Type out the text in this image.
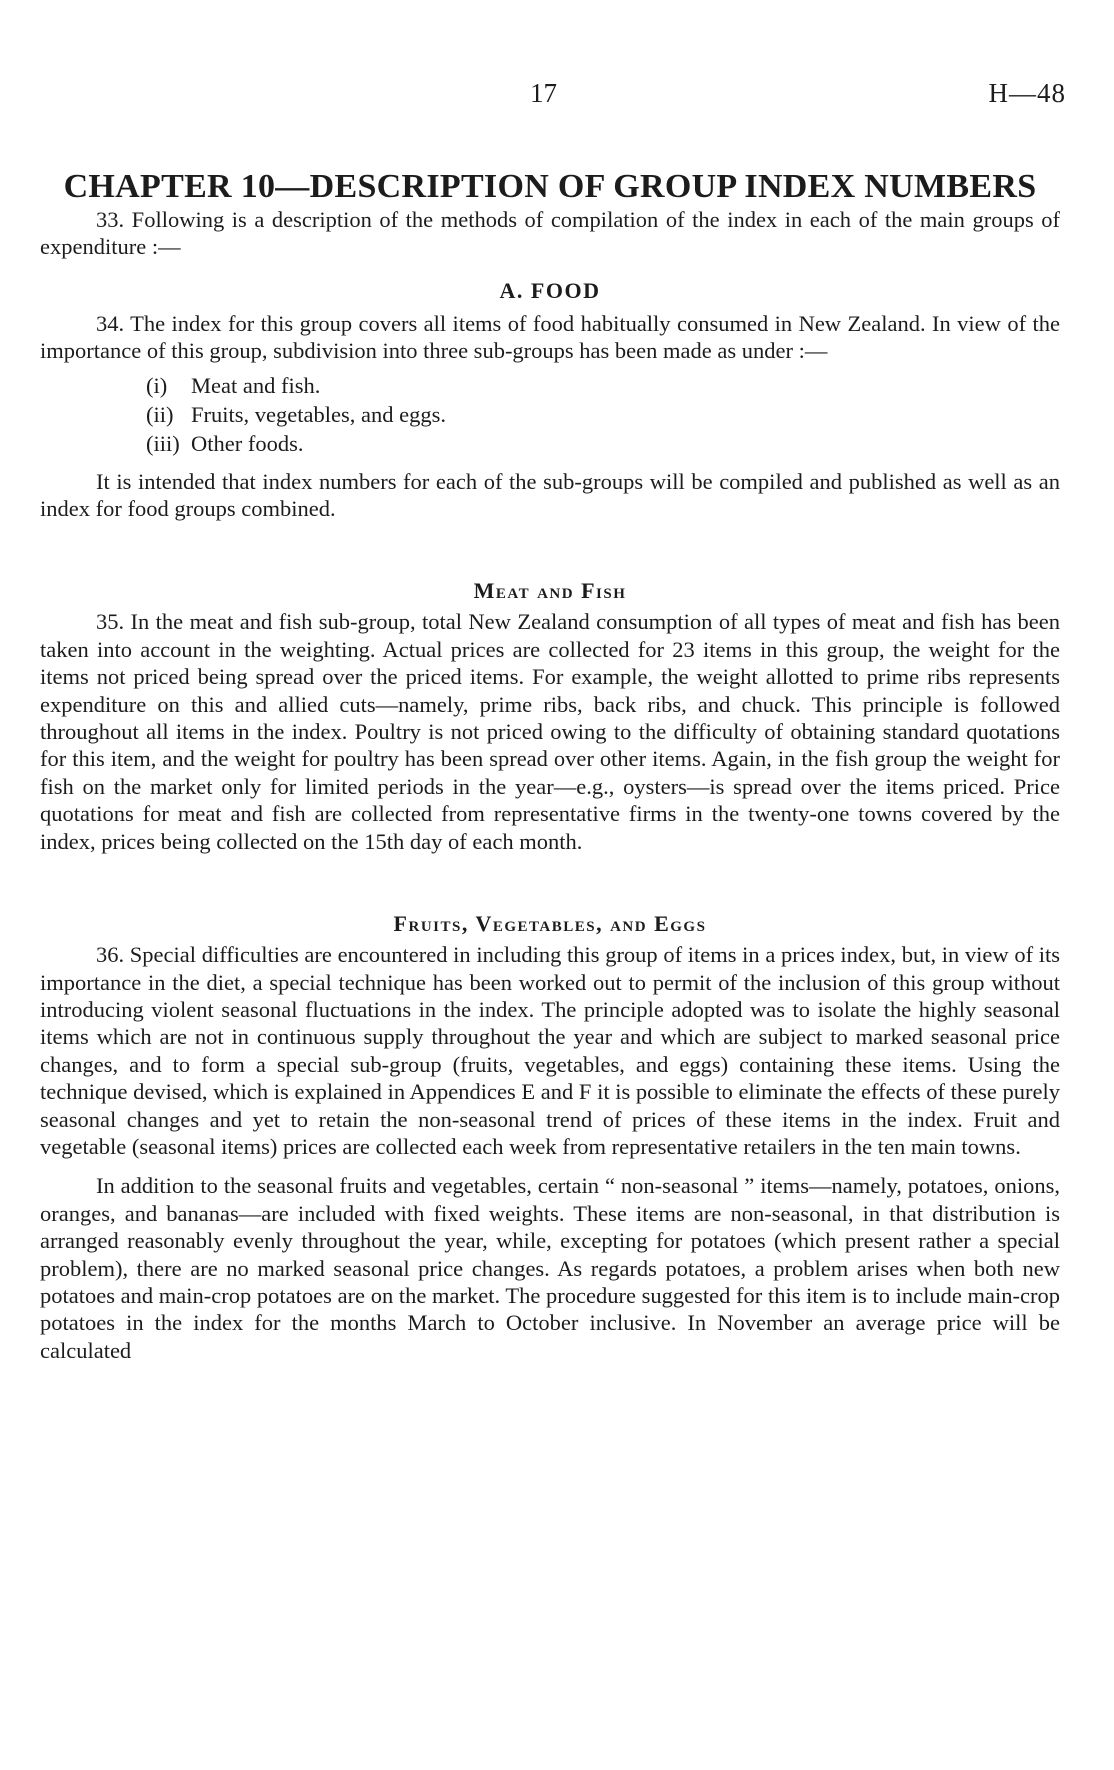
17	H—48
CHAPTER 10—DESCRIPTION OF GROUP INDEX NUMBERS

33. Following is a description of the methods of compilation of the index in each of the main groups of expenditure :—

A. FOOD

34. The index for this group covers all items of food habitually consumed in New Zealand. In view of the importance of this group, subdivision into three sub-groups has been made as under :—

(i) Meat and fish.
(ii) Fruits, vegetables, and eggs.
(iii) Other foods.

It is intended that index numbers for each of the sub-groups will be compiled and published as well as an index for food groups combined.

Meat and Fish

35. In the meat and fish sub-group, total New Zealand consumption of all types of meat and fish has been taken into account in the weighting. Actual prices are collected for 23 items in this group, the weight for the items not priced being spread over the priced items. For example, the weight allotted to prime ribs represents expenditure on this and allied cuts—namely, prime ribs, back ribs, and chuck. This principle is followed throughout all items in the index. Poultry is not priced owing to the difficulty of obtaining standard quotations for this item, and the weight for poultry has been spread over other items. Again, in the fish group the weight for fish on the market only for limited periods in the year—e.g., oysters—is spread over the items priced. Price quotations for meat and fish are collected from representative firms in the twenty-one towns covered by the index, prices being collected on the 15th day of each month.

Fruits, Vegetables, and Eggs

36. Special difficulties are encountered in including this group of items in a prices index, but, in view of its importance in the diet, a special technique has been worked out to permit of the inclusion of this group without introducing violent seasonal fluctuations in the index. The principle adopted was to isolate the highly seasonal items which are not in continuous supply throughout the year and which are subject to marked seasonal price changes, and to form a special sub-group (fruits, vegetables, and eggs) containing these items. Using the technique devised, which is explained in Appendices E and F it is possible to eliminate the effects of these purely seasonal changes and yet to retain the non-seasonal trend of prices of these items in the index. Fruit and vegetable (seasonal items) prices are collected each week from representative retailers in the ten main towns.

In addition to the seasonal fruits and vegetables, certain “ non-seasonal ” items—namely, potatoes, onions, oranges, and bananas—are included with fixed weights. These items are non-seasonal, in that distribution is arranged reasonably evenly throughout the year, while, excepting for potatoes (which present rather a special problem), there are no marked seasonal price changes. As regards potatoes, a problem arises when both new potatoes and main-crop potatoes are on the market. The procedure suggested for this item is to include main-crop potatoes in the index for the months March to October inclusive. In November an average price will be calculated
